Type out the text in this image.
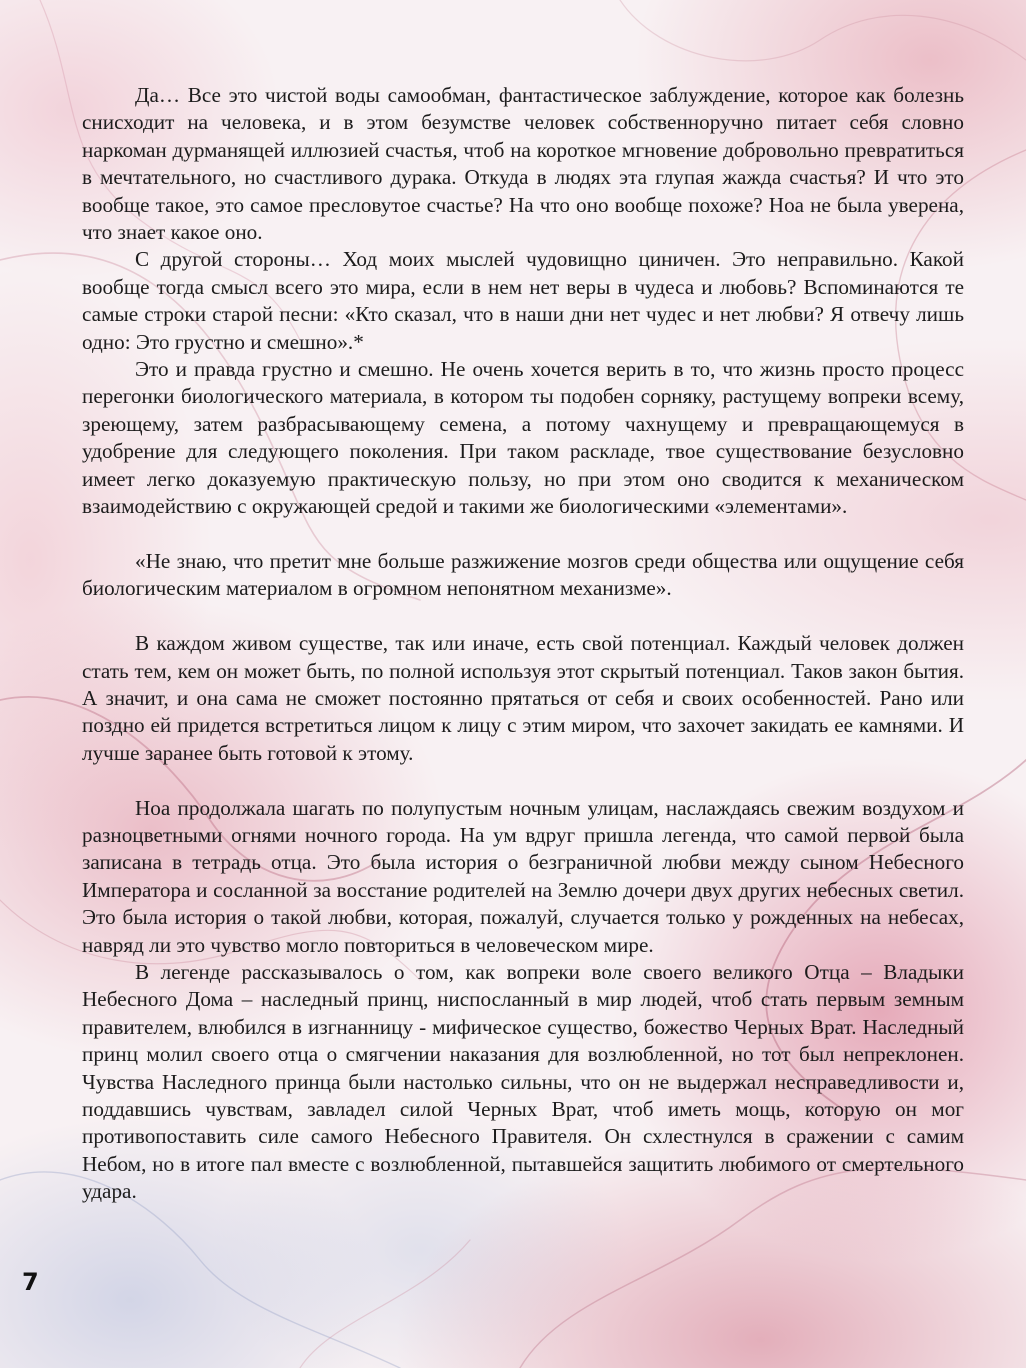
Да… Все это чистой воды самообман, фантастическое заблуждение, которое как болезнь снисходит на человека, и в этом безумстве человек собственноручно питает себя словно наркоман дурманящей иллюзией счастья, чтоб на короткое мгновение добровольно превратиться в мечтательного, но счастливого дурака. Откуда в людях эта глупая жажда счастья? И что это вообще такое, это самое пресловутое счастье? На что оно вообще похоже? Ноа не была уверена, что знает какое оно.

С другой стороны… Ход моих мыслей чудовищно циничен. Это неправильно. Какой вообще тогда смысл всего это мира, если в нем нет веры в чудеса и любовь? Вспоминаются те самые строки старой песни: «Кто сказал, что в наши дни нет чудес и нет любви? Я отвечу лишь одно: Это грустно и смешно».*

Это и правда грустно и смешно. Не очень хочется верить в то, что жизнь просто процесс перегонки биологического материала, в котором ты подобен сорняку, растущему вопреки всему, зреющему, затем разбрасывающему семена, а потому чахнущему и превращающемуся в удобрение для следующего поколения. При таком раскладе, твое существование безусловно имеет легко доказуемую практическую пользу, но при этом оно сводится к механическом взаимодействию с окружающей средой и такими же биологическими «элементами».

«Не знаю, что претит мне больше разжижение мозгов среди общества или ощущение себя биологическим материалом в огромном непонятном механизме».

В каждом живом существе, так или иначе, есть свой потенциал. Каждый человек должен стать тем, кем он может быть, по полной используя этот скрытый потенциал. Таков закон бытия. А значит, и она сама не сможет постоянно прятаться от себя и своих особенностей. Рано или поздно ей придется встретиться лицом к лицу с этим миром, что захочет закидать ее камнями. И лучше заранее быть готовой к этому.

Ноа продолжала шагать по полупустым ночным улицам, наслаждаясь свежим воздухом и разноцветными огнями ночного города. На ум вдруг пришла легенда, что самой первой была записана в тетрадь отца. Это была история о безграничной любви между сыном Небесного Императора и сосланной за восстание родителей на Землю дочери двух других небесных светил. Это была история о такой любви, которая, пожалуй, случается только у рожденных на небесах, навряд ли это чувство могло повториться в человеческом мире.

В легенде рассказывалось о том, как вопреки воле своего великого Отца – Владыки Небесного Дома – наследный принц, ниспосланный в мир людей, чтоб стать первым земным правителем, влюбился в изгнанницу - мифическое существо, божество Черных Врат. Наследный принц молил своего отца о смягчении наказания для возлюбленной, но тот был непреклонен. Чувства Наследного принца были настолько сильны, что он не выдержал несправедливости и, поддавшись чувствам, завладел силой Черных Врат, чтоб иметь мощь, которую он мог противопоставить силе самого Небесного Правителя. Он схлестнулся в сражении с самим Небом, но в итоге пал вместе с возлюбленной, пытавшейся защитить любимого от смертельного удара.

7
